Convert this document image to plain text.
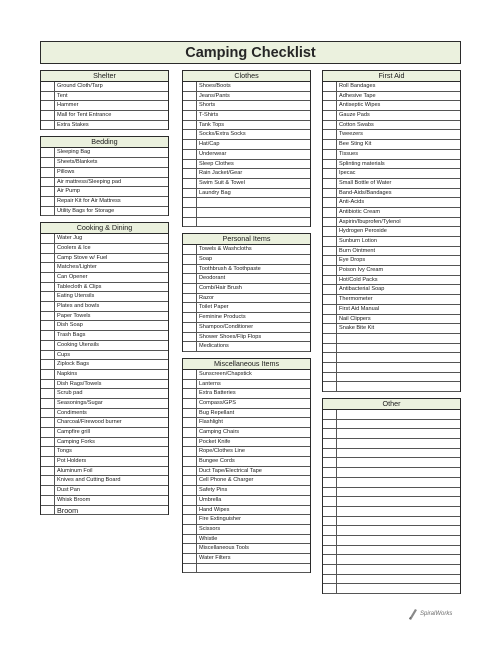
Camping Checklist
Shelter
Ground Cloth/Tarp
Tent
Hammer
Mall for Tent Entrance
Extra Stakes
Bedding
Sleeping Bag
Sheets/Blankets
Pillows
Air mattress/Sleeping pad
Air Pump
Repair Kit for Air Mattress
Utility Bags for Storage
Cooking & Dining
Water Jug
Coolers & Ice
Camp Stove w/ Fuel
Matches/Lighter
Can Opener
Tablecloth & Clips
Eating Utensils
Plates and bowls
Paper Towels
Dish Soap
Trash Bags
Cooking Utensils
Cups
Ziplock Bags
Napkins
Dish Rags/Towels
Scrub pad
Seasonings/Sugar
Condiments
Charcoal/Firewood burner
Campfire grill
Camping Forks
Tongs
Pot Holders
Aluminum Foil
Knives and Cutting Board
Dust Pan
Whisk Broom
Broom
Clothes
Shoes/Boots
Jeans/Pants
Shorts
T-Shirts
Tank Tops
Socks/Extra Socks
Hat/Cap
Underwear
Sleep Clothes
Rain Jacket/Gear
Swim Suit & Towel
Laundry Bag
Personal Items
Towels & Washcloths
Soap
Toothbrush & Toothpaste
Deodorant
Comb/Hair Brush
Razor
Toilet Paper
Feminine Products
Shampoo/Conditioner
Shower Shoes/Flip Flops
Medications
Miscellaneous Items
Sunscreen/Chapstick
Lanterns
Extra Batteries
Compass/GPS
Bug Repellant
Flashlight
Camping Chairs
Pocket Knife
Rope/Clothes Line
Bungee Cords
Duct Tape/Electrical Tape
Cell Phone & Charger
Safety Pins
Umbrella
Hand Wipes
Fire Extinguisher
Scissors
Whistle
Miscellaneous Tools
Water Filters
First Aid
Roll Bandages
Adhesive Tape
Antiseptic Wipes
Gauze Pads
Cotton Swabs
Tweezers
Bee Sting Kit
Tissues
Splinting materials
Ipecac
Small Bottle of Water
Band-Aids/Bandages
Anti-Acids
Antibiotic Cream
Aspirin/Ibuprofen/Tylenol
Hydrogen Peroxide
Sunburn Lotion
Burn Ointment
Eye Drops
Poison Ivy Cream
Hot/Cold Packs
Antibacterial Soap
Thermometer
First Aid Manual
Nail Clippers
Snake Bite Kit
Other
SpiralWorks
